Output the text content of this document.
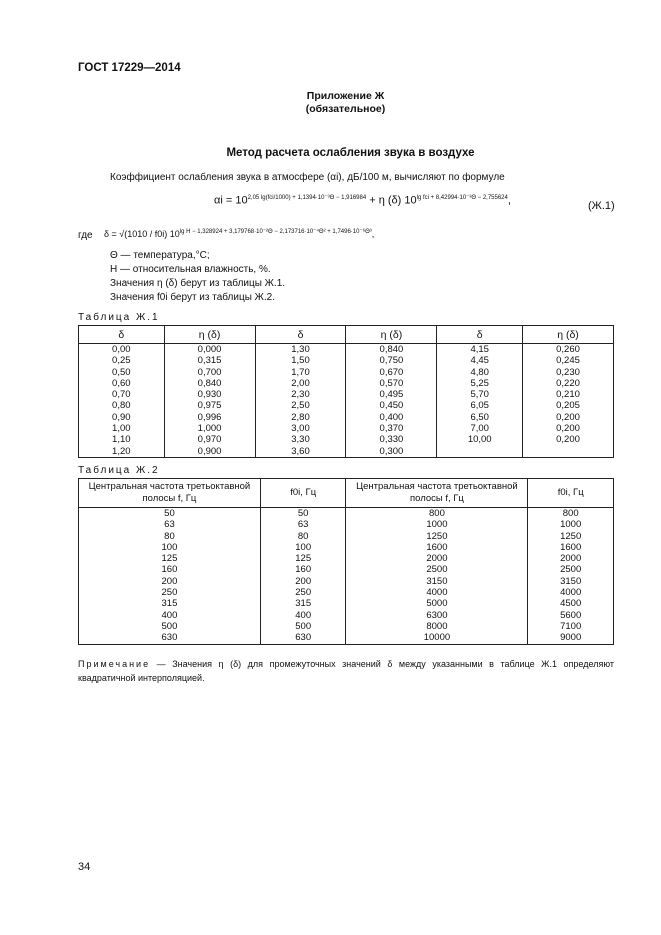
ГОСТ 17229—2014
Приложение Ж
(обязательное)
Метод расчета ослабления звука в воздухе
Коэффициент ослабления звука в атмосфере (αi), дБ/100 м, вычисляют по формуле
$\alpha i = 10^{2,05 lg(fci/1000) + 1,1394\cdot 10^{-3}\Theta - 1,916984} + \eta$ (δ) $10^{lg fci + 8,42994\cdot 10^{-3}\Theta - 2,755624}$,	(Ж.1)
где δ = √(1010 / f0i) $10^{lg H - 1,328924 + 3,179768\cdot 10^{-2}\Theta - 2,173716\cdot 10^{-4}\Theta^2 + 1,7496\cdot 10^{-6}\Theta^3}$,
Θ — температура,°С;
H — относительная влажность, %.
Значения η (δ) берут из таблицы Ж.1.
Значения f0i берут из таблицы Ж.2.
Таблица Ж.1
δ	η (δ)	δ	η (δ)	δ	η (δ)
0,00	0,000	1,30	0,840	4,15	0,260
0,25	0,315	1,50	0,750	4,45	0,245
0,50	0,700	1,70	0,670	4,80	0,230
0,60	0,840	2,00	0,570	5,25	0,220
0,70	0,930	2,30	0,495	5,70	0,210
0,80	0,975	2,50	0,450	6,05	0,205
0,90	0,996	2,80	0,400	6,50	0,200
1,00	1,000	3,00	0,370	7,00	0,200
1,10	0,970	3,30	0,330	10,00	0,200
1,20	0,900	3,60	0,300		
Таблица Ж.2
Центральная частота третьоктавной полосы f, Гц	f0i, Гц	Центральная частота третьоктавной полосы f, Гц	f0i, Гц
50	50	800	800
63	63	1000	1000
80	80	1250	1250
100	100	1600	1600
125	125	2000	2000
160	160	2500	2500
200	200	3150	3150
250	250	4000	4000
315	315	5000	4500
400	400	6300	5600
500	500	8000	7100
630	630	10000	9000
Примечание — Значения η (δ) для промежуточных значений δ между указанными в таблице Ж.1 определяют квадратичной интерполяцией.
34
